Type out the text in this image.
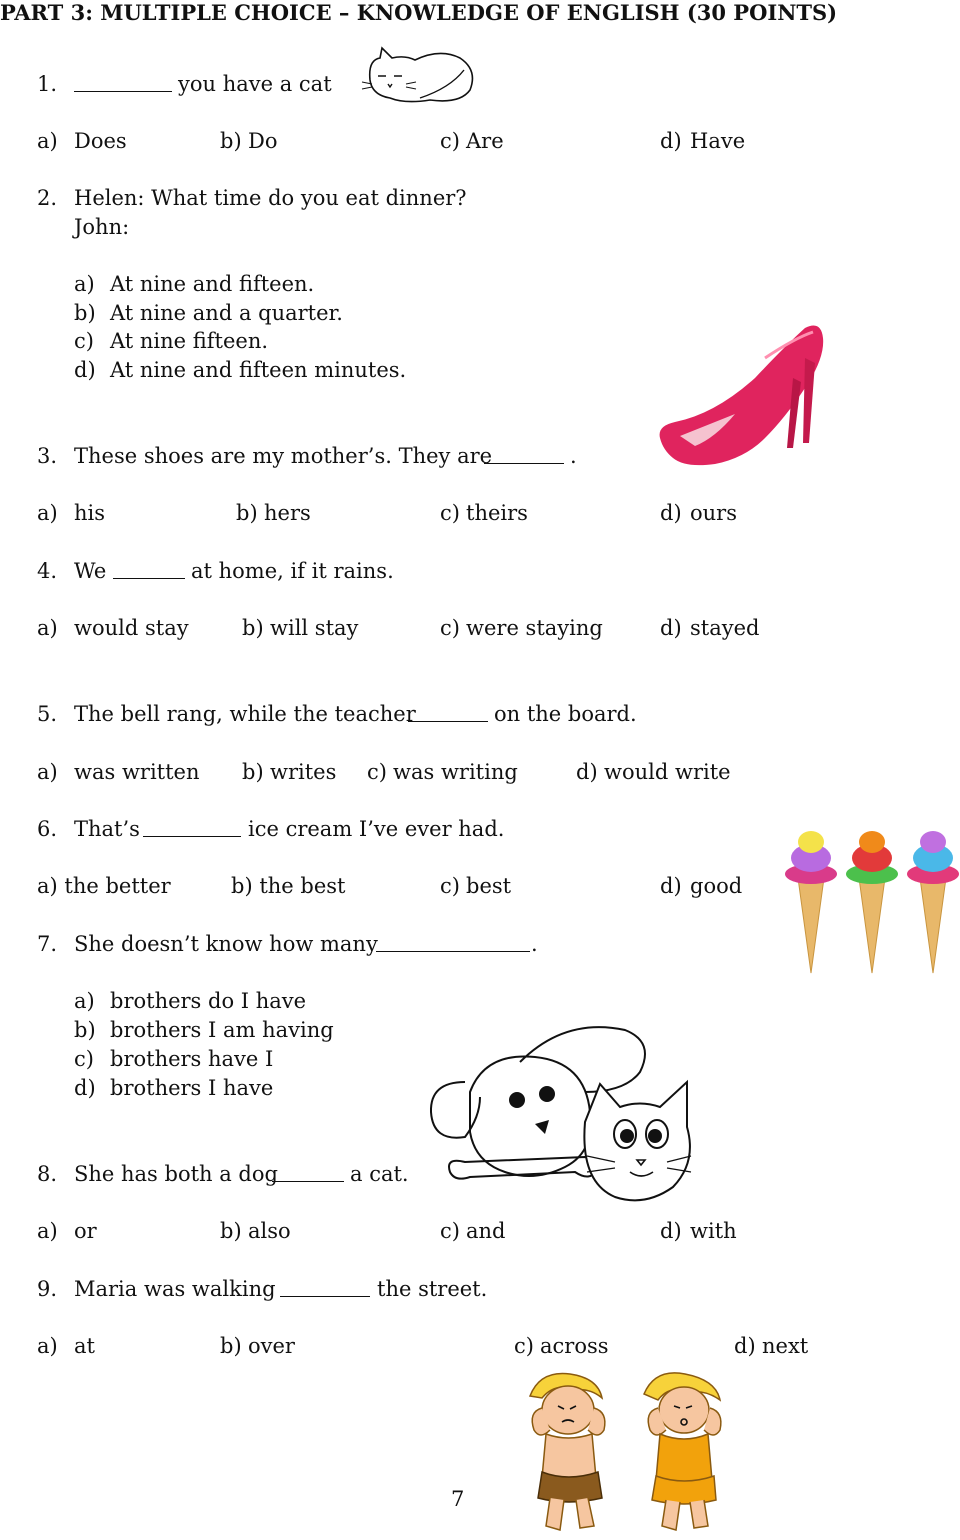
PART 3: MULTIPLE CHOICE – KNOWLEDGE OF ENGLISH (30 POINTS)
1.	you have a cat
a) Does	b) Do	c) Are	d) Have
2. Helen: What time do you eat dinner?
John:
a) At nine and fifteen.
b) At nine and a quarter.
c) At nine fifteen.
d) At nine and fifteen minutes.
3. These shoes are my mother’s. They are	.
a) his	b) hers	c) theirs	d) ours
4. We	at home, if it rains.
a) would stay	b) will stay	c) were staying	d) stayed
5. The bell rang, while the teacher	on the board.
a) was written b) writes c) was writing	d) would write
6. That’s	ice cream I’ve ever had.
a) the better	b) the best	c) best	d) good
7. She doesn’t know how many	.
a) brothers do I have
b) brothers I am having
c) brothers have I
d) brothers I have
8. She has both a dog	a cat.
a) or	b) also	c) and	d) with
9. Maria was walking	the street.
a) at	b) over	c) across	d) next
7
